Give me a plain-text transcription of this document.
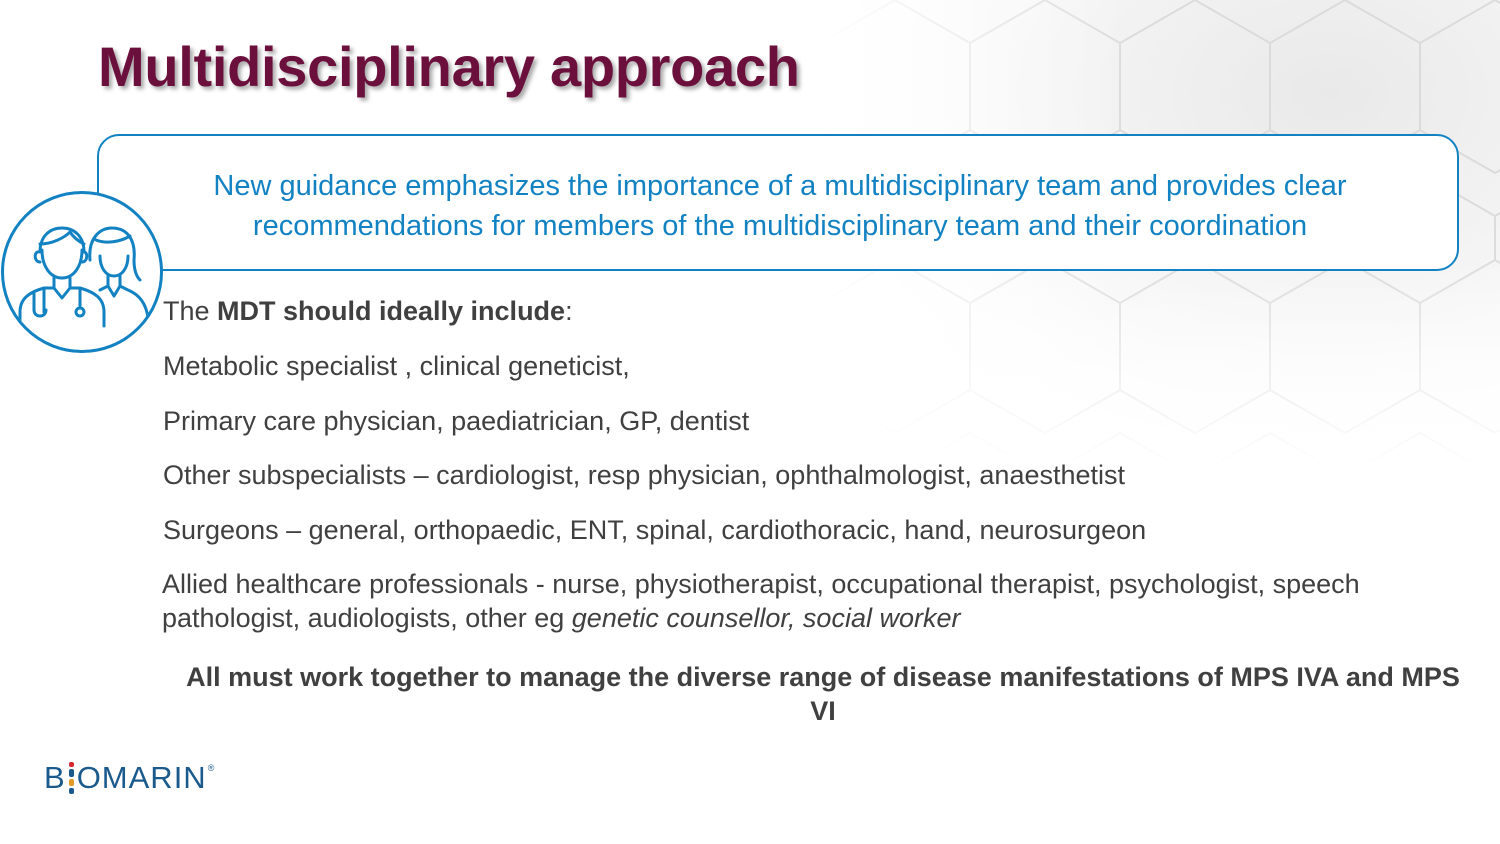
Multidisciplinary approach
New guidance emphasizes the importance of a multidisciplinary team and provides clear recommendations for members of the multidisciplinary team and their coordination
The MDT should ideally include:
Metabolic specialist , clinical geneticist,
Primary care physician, paediatrician, GP, dentist
Other subspecialists – cardiologist, resp physician, ophthalmologist, anaesthetist
Surgeons – general, orthopaedic, ENT, spinal, cardiothoracic, hand, neurosurgeon
Allied healthcare professionals - nurse, physiotherapist, occupational therapist, psychologist, speech pathologist, audiologists, other eg genetic counsellor, social worker
All must work together to manage the diverse range of disease manifestations of MPS IVA and MPS VI
B OMARIN ®
